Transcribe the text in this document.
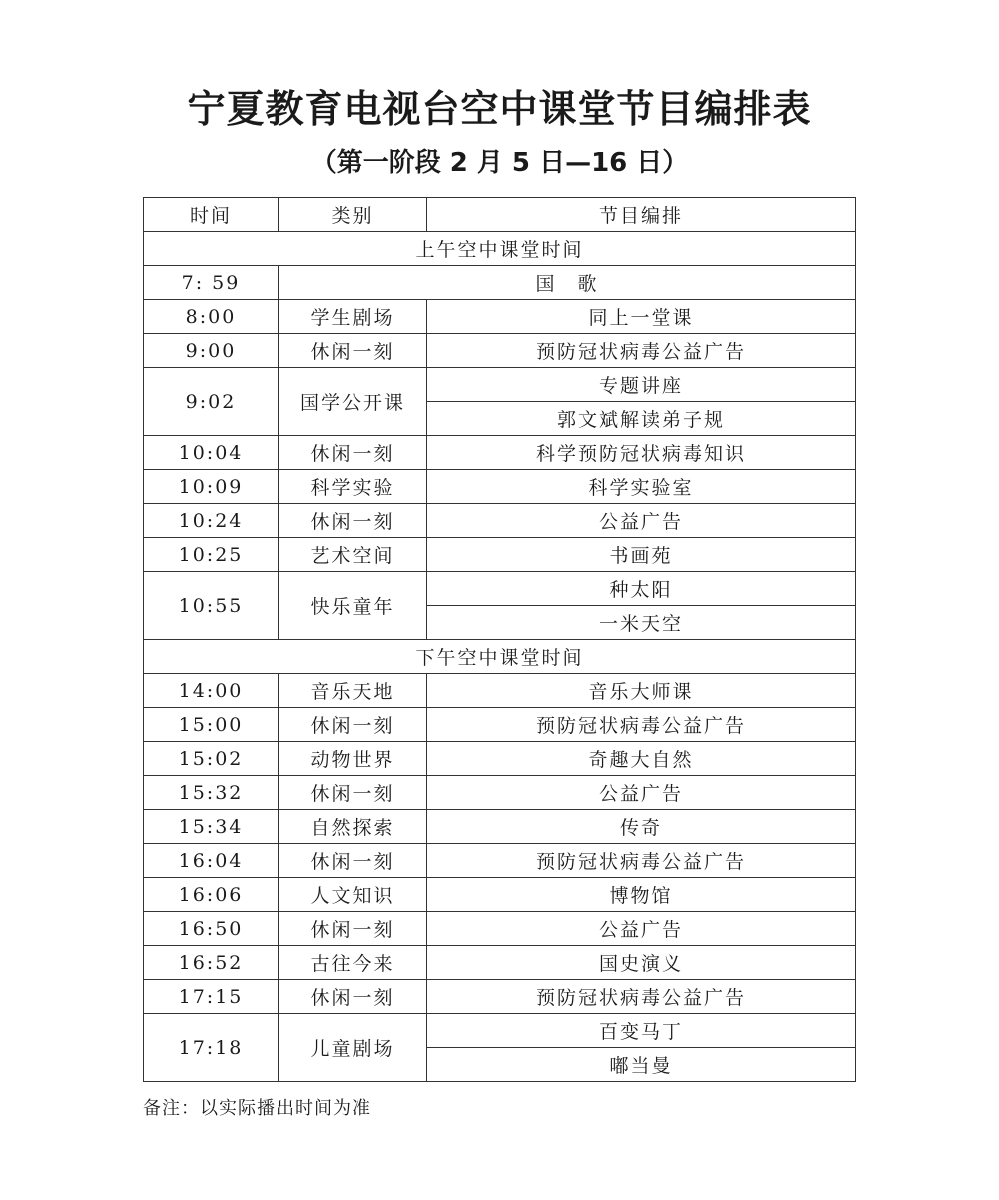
宁夏教育电视台空中课堂节目编排表
（第一阶段 2 月 5 日—16 日）
时间	类别	节目编排
上午空中课堂时间		
7: 59	国　歌	
8:00	学生剧场	同上一堂课
9:00	休闲一刻	预防冠状病毒公益广告
9:02	国学公开课	专题讲座
		郭文斌解读弟子规
10:04	休闲一刻	科学预防冠状病毒知识
10:09	科学实验	科学实验室
10:24	休闲一刻	公益广告
10:25	艺术空间	书画苑
10:55	快乐童年	种太阳
		一米天空
下午空中课堂时间		
14:00	音乐天地	音乐大师课
15:00	休闲一刻	预防冠状病毒公益广告
15:02	动物世界	奇趣大自然
15:32	休闲一刻	公益广告
15:34	自然探索	传奇
16:04	休闲一刻	预防冠状病毒公益广告
16:06	人文知识	博物馆
16:50	休闲一刻	公益广告
16:52	古往今来	国史演义
17:15	休闲一刻	预防冠状病毒公益广告
17:18	儿童剧场	百变马丁
		嘟当曼
备注：以实际播出时间为准
